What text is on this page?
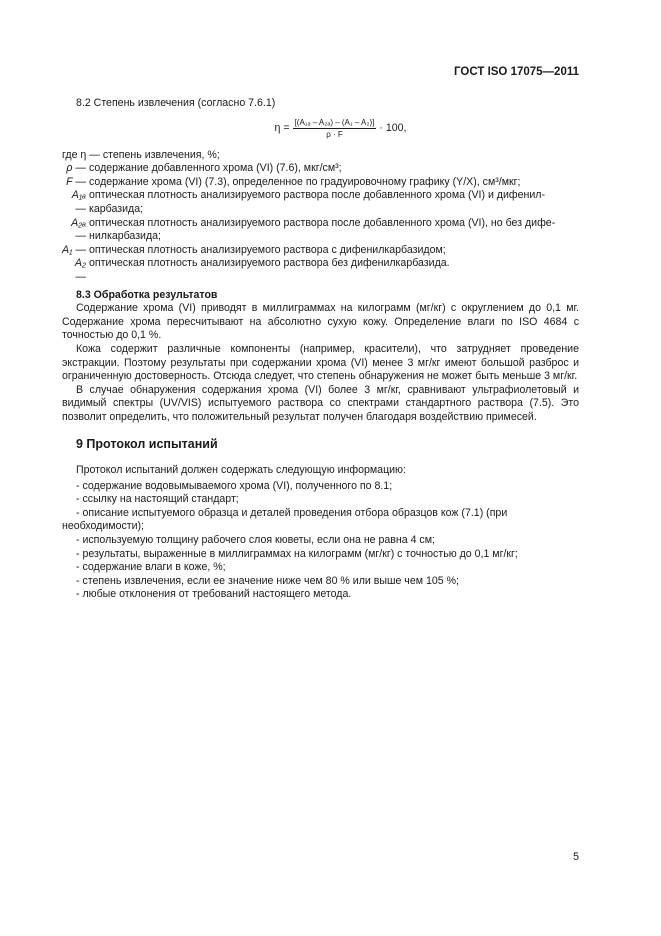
ГОСТ ISO 17075—2011

8.2 Степень извлечения (согласно 7.6.1)

$\eta = \frac{\text{[(A₁ₐ – A₂ₐ) – (A₁ – A₂)]}}{\rho \cdot F} \cdot 100$,
где η — степень извлечения, %;
ρ — содержание добавленного хрома (VI) (7.6), мкг/см³;
F — содержание хрома (VI) (7.3), определенное по градуировочному графику (Y/X), см³/мкг;
A₁ₐ —
оптическая плотность анализируемого раствора после добавленного хрома (VI) и дифенил-
карбазида;
A₂ₐ —
оптическая плотность анализируемого раствора после добавленного хрома (VI), но без дифе-
нилкарбазида;
A₁ — оптическая плотность анализируемого раствора с дифенилкарбазидом;
A₂ —
оптическая плотность анализируемого раствора без дифенилкарбазида.

8.3 Обработка результатов

Содержание хрома (VI) приводят в миллиграммах на килограмм (мг/кг) с округлением до 0,1 мг. Содержание хрома пересчитывают на абсолютно сухую кожу. Определение влаги по ISO 4684 с точностью до 0,1 %.

Кожа содержит различные компоненты (например, красители), что затрудняет проведение экстракции. Поэтому результаты при содержании хрома (VI) менее 3 мг/кг имеют большой разброс и ограниченную достоверность. Отсюда следует, что степень обнаружения не может быть меньше 3 мг/кг.

В случае обнаружения содержания хрома (VI) более 3 мг/кг, сравнивают ультрафиолетовый и видимый спектры (UV/VIS) испытуемого раствора со спектрами стандартного раствора (7.5). Это позволит определить, что положительный результат получен благодаря воздействию примесей.

9 Протокол испытаний

Протокол испытаний должен содержать следующую информацию:

- содержание водовымываемого хрома (VI), полученного по 8.1;

- ссылку на настоящий стандарт;

- описание испытуемого образца и деталей проведения отбора образцов кож (7.1) (при необходимости);

- используемую толщину рабочего слоя кюветы, если она не равна 4 см;

- результаты, выраженные в миллиграммах на килограмм (мг/кг) с точностью до 0,1 мг/кг;

- содержание влаги в коже, %;

- степень извлечения, если ее значение ниже чем 80 % или выше чем 105 %;

- любые отклонения от требований настоящего метода.

5
